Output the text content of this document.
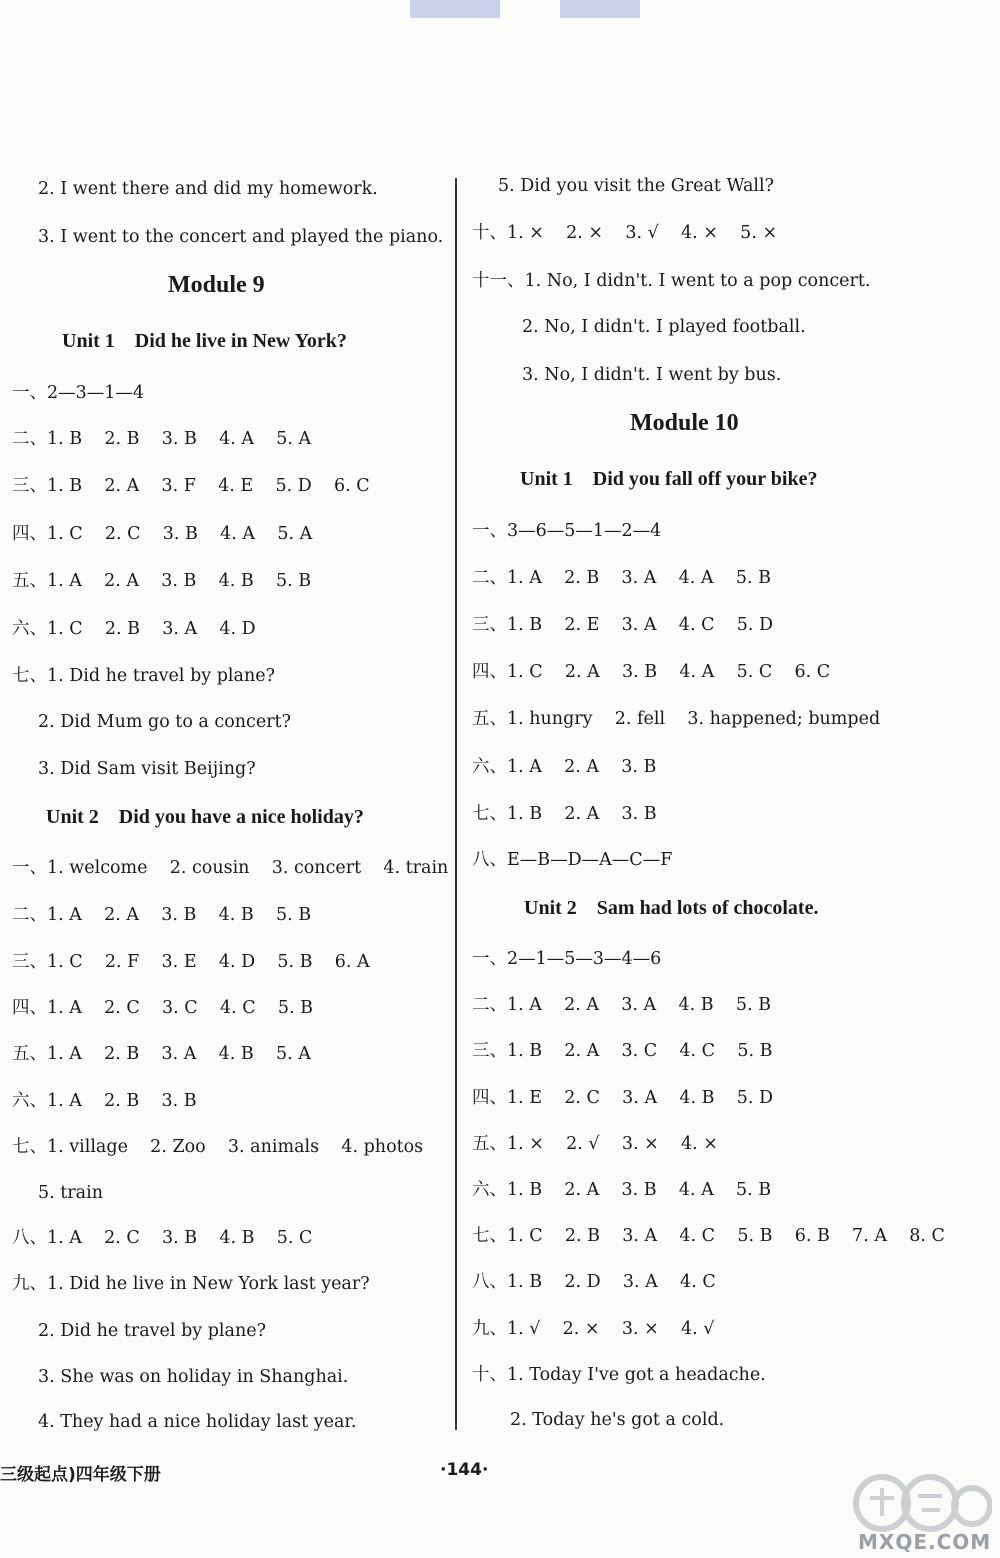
2. I went there and did my homework.
3. I went to the concert and played the piano.
Module 9
Unit 1    Did he live in New York?
一、2—3—1—4
二、1. B    2. B    3. B    4. A    5. A
三、1. B    2. A    3. F    4. E    5. D    6. C
四、1. C    2. C    3. B    4. A    5. A
五、1. A    2. A    3. B    4. B    5. B
六、1. C    2. B    3. A    4. D
七、1. Did he travel by plane?
2. Did Mum go to a concert?
3. Did Sam visit Beijing?
Unit 2    Did you have a nice holiday?
一、1. welcome    2. cousin    3. concert    4. train
二、1. A    2. A    3. B    4. B    5. B
三、1. C    2. F    3. E    4. D    5. B    6. A
四、1. A    2. C    3. C    4. C    5. B
五、1. A    2. B    3. A    4. B    5. A
六、1. A    2. B    3. B
七、1. village    2. Zoo    3. animals    4. photos
5. train
八、1. A    2. C    3. B    4. B    5. C
九、1. Did he live in New York last year?
2. Did he travel by plane?
3. She was on holiday in Shanghai.
4. They had a nice holiday last year.
5. Did you visit the Great Wall?
十、1. ×    2. ×    3. √    4. ×    5. ×
十一、1. No, I didn't. I went to a pop concert.
2. No, I didn't. I played football.
3. No, I didn't. I went by bus.
Module 10
Unit 1    Did you fall off your bike?
一、3—6—5—1—2—4
二、1. A    2. B    3. A    4. A    5. B
三、1. B    2. E    3. A    4. C    5. D
四、1. C    2. A    3. B    4. A    5. C    6. C
五、1. hungry    2. fell    3. happened; bumped
六、1. A    2. A    3. B
七、1. B    2. A    3. B
八、E—B—D—A—C—F
Unit 2    Sam had lots of chocolate.
一、2—1—5—3—4—6
二、1. A    2. A    3. A    4. B    5. B
三、1. B    2. A    3. C    4. C    5. B
四、1. E    2. C    3. A    4. B    5. D
五、1. ×    2. √    3. ×    4. ×
六、1. B    2. A    3. B    4. A    5. B
七、1. C    2. B    3. A    4. C    5. B    6. B    7. A    8. C
八、1. B    2. D    3. A    4. C
九、1. √    2. ×    3. ×    4. √
十、1. Today I've got a headache.
2. Today he's got a cold.
三级起点)四年级下册	·144·
MXQE.COM
